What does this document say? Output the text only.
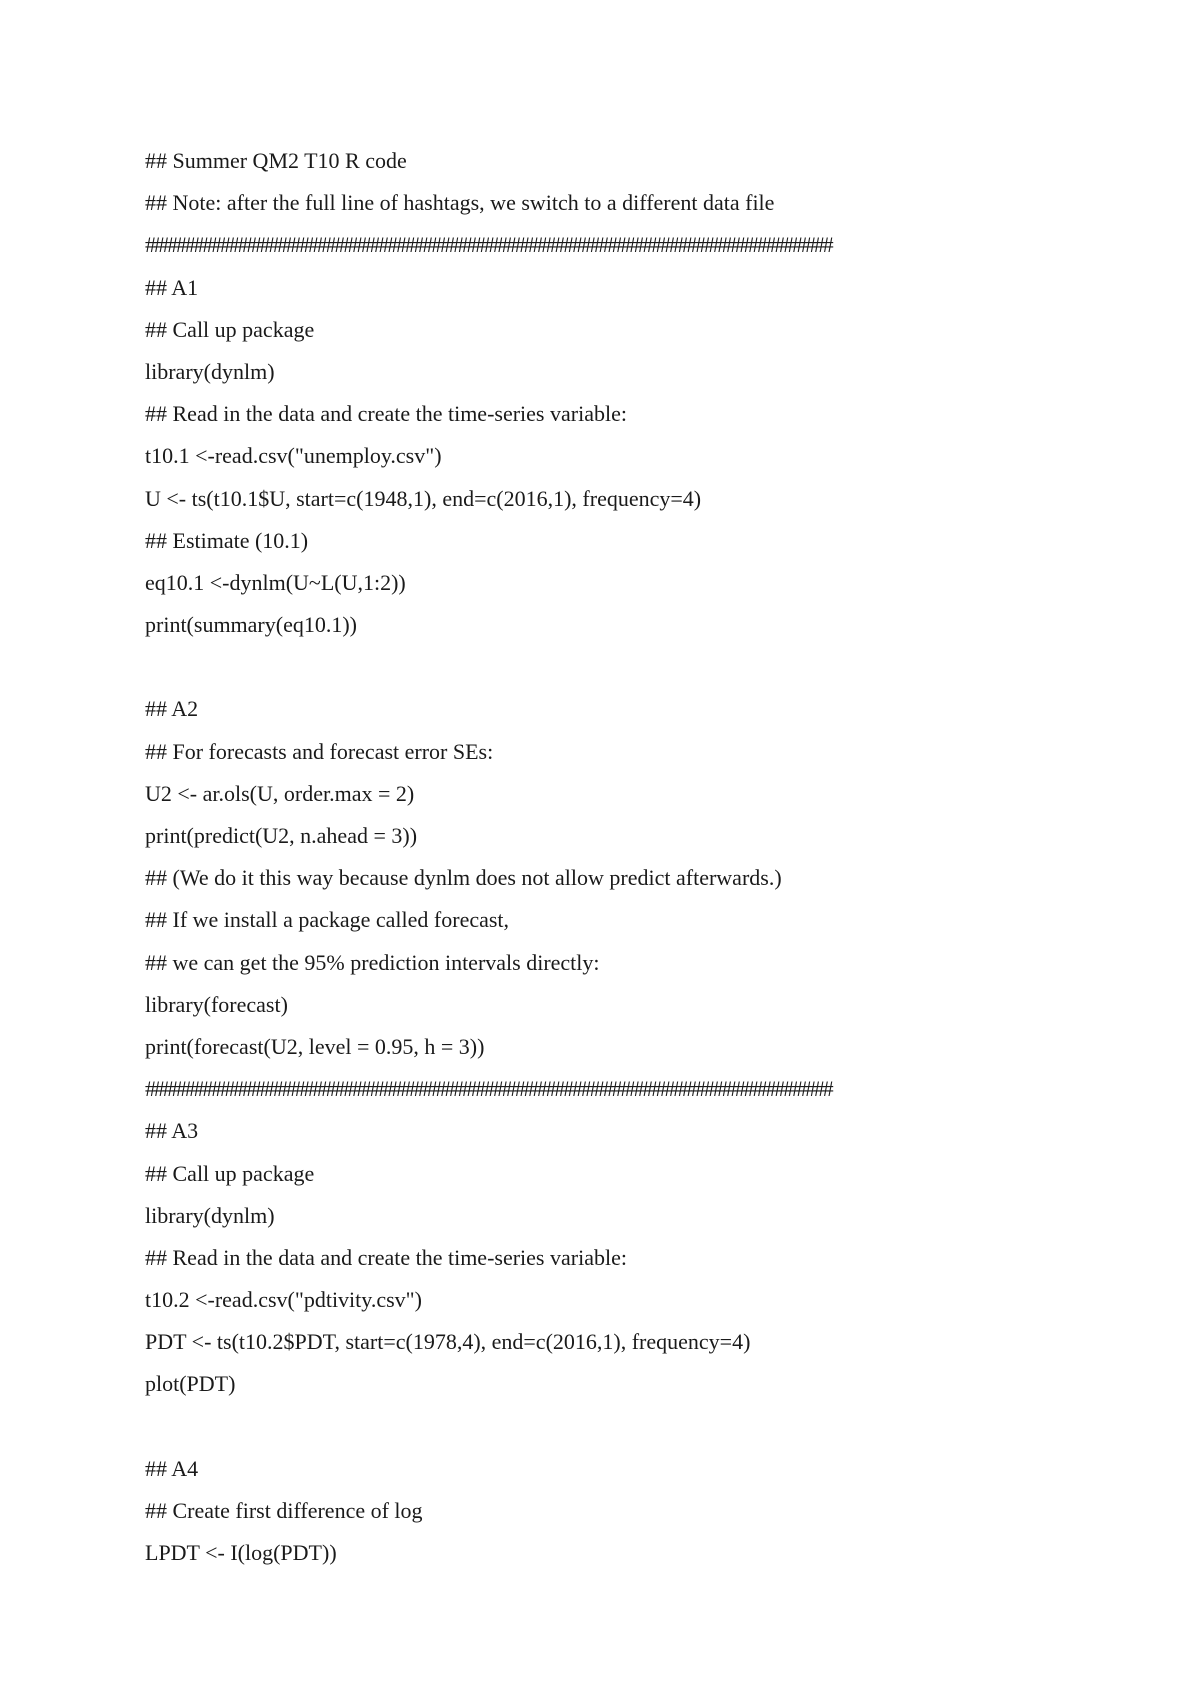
## Summer QM2 T10 R code
## Note: after the full line of hashtags, we switch to a different data file
##############################################################################
## A1
## Call up package
library(dynlm)
## Read in the data and create the time-series variable:
t10.1 <-read.csv("unemploy.csv")
U <- ts(t10.1$U, start=c(1948,1), end=c(2016,1), frequency=4)
## Estimate (10.1)
eq10.1 <-dynlm(U~L(U,1:2))
print(summary(eq10.1))
## A2
## For forecasts and forecast error SEs:
U2 <- ar.ols(U, order.max = 2)
print(predict(U2, n.ahead = 3))
## (We do it this way because dynlm does not allow predict afterwards.)
## If we install a package called forecast,
## we can get the 95% prediction intervals directly:
library(forecast)
print(forecast(U2, level = 0.95, h = 3))
##############################################################################
## A3
## Call up package
library(dynlm)
## Read in the data and create the time-series variable:
t10.2 <-read.csv("pdtivity.csv")
PDT <- ts(t10.2$PDT, start=c(1978,4), end=c(2016,1), frequency=4)
plot(PDT)
## A4
## Create first difference of log
LPDT <- I(log(PDT))
